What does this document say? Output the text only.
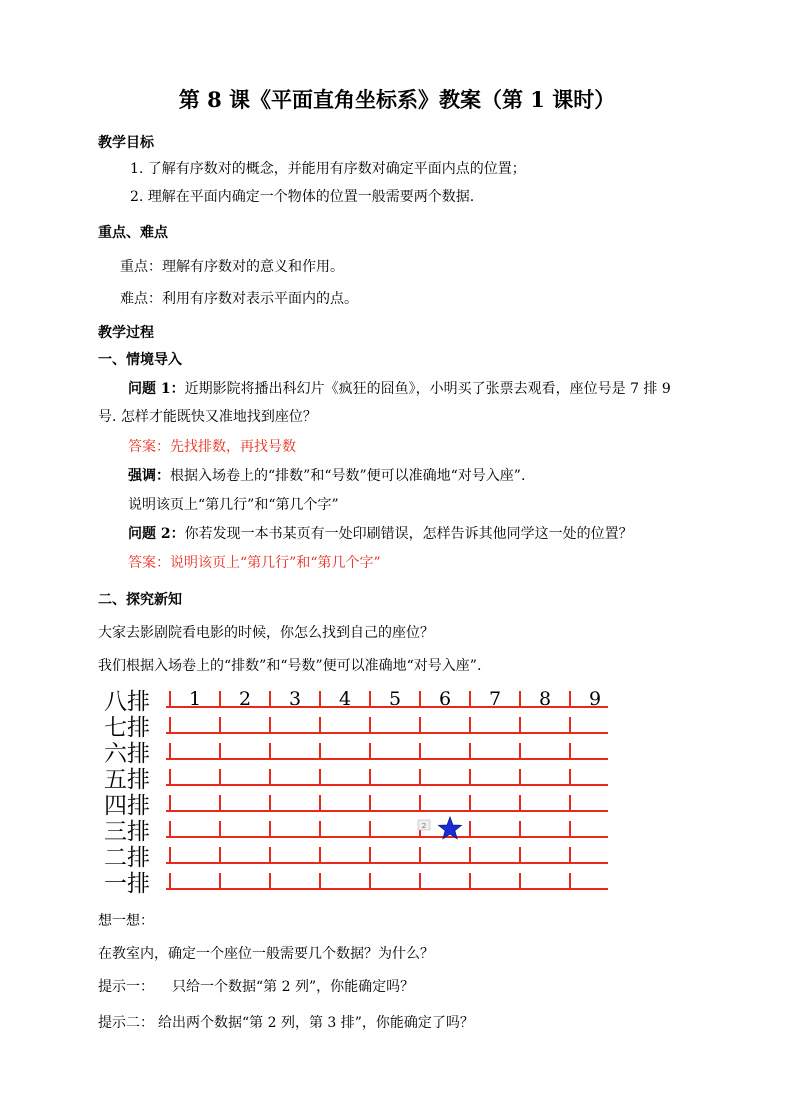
第 8 课《平面直角坐标系》教案（第 1 课时）
教学目标
1. 了解有序数对的概念，并能用有序数对确定平面内点的位置；
2. 理解在平面内确定一个物体的位置一般需要两个数据.
重点、难点
重点：理解有序数对的意义和作用。
难点：利用有序数对表示平面内的点。
教学过程
一、情境导入
问题 1：近期影院将播出科幻片《疯狂的囧鱼》，小明买了张票去观看，座位号是 7 排 9
号. 怎样才能既快又准地找到座位？
答案：先找排数，再找号数
强调：根据入场卷上的“排数”和“号数”便可以准确地“对号入座”.
说明该页上“第几行”和“第几个字”
问题 2：你若发现一本书某页有一处印刷错误，怎样告诉其他同学这一处的位置？
答案：说明该页上“第几行”和“第几个字”
二、探究新知
大家去影剧院看电影的时候，你怎么找到自己的座位？
我们根据入场卷上的“排数”和“号数”便可以准确地“对号入座”.
八排
七排
六排
五排
四排
三排
二排
一排
1 2 3 4 5 6 7 8 9
2
想一想：
在教室内，确定一个座位一般需要几个数据？为什么？
提示一： 只给一个数据“第 2 列”，你能确定吗？
提示二： 给出两个数据“第 2 列，第 3 排”，你能确定了吗？
